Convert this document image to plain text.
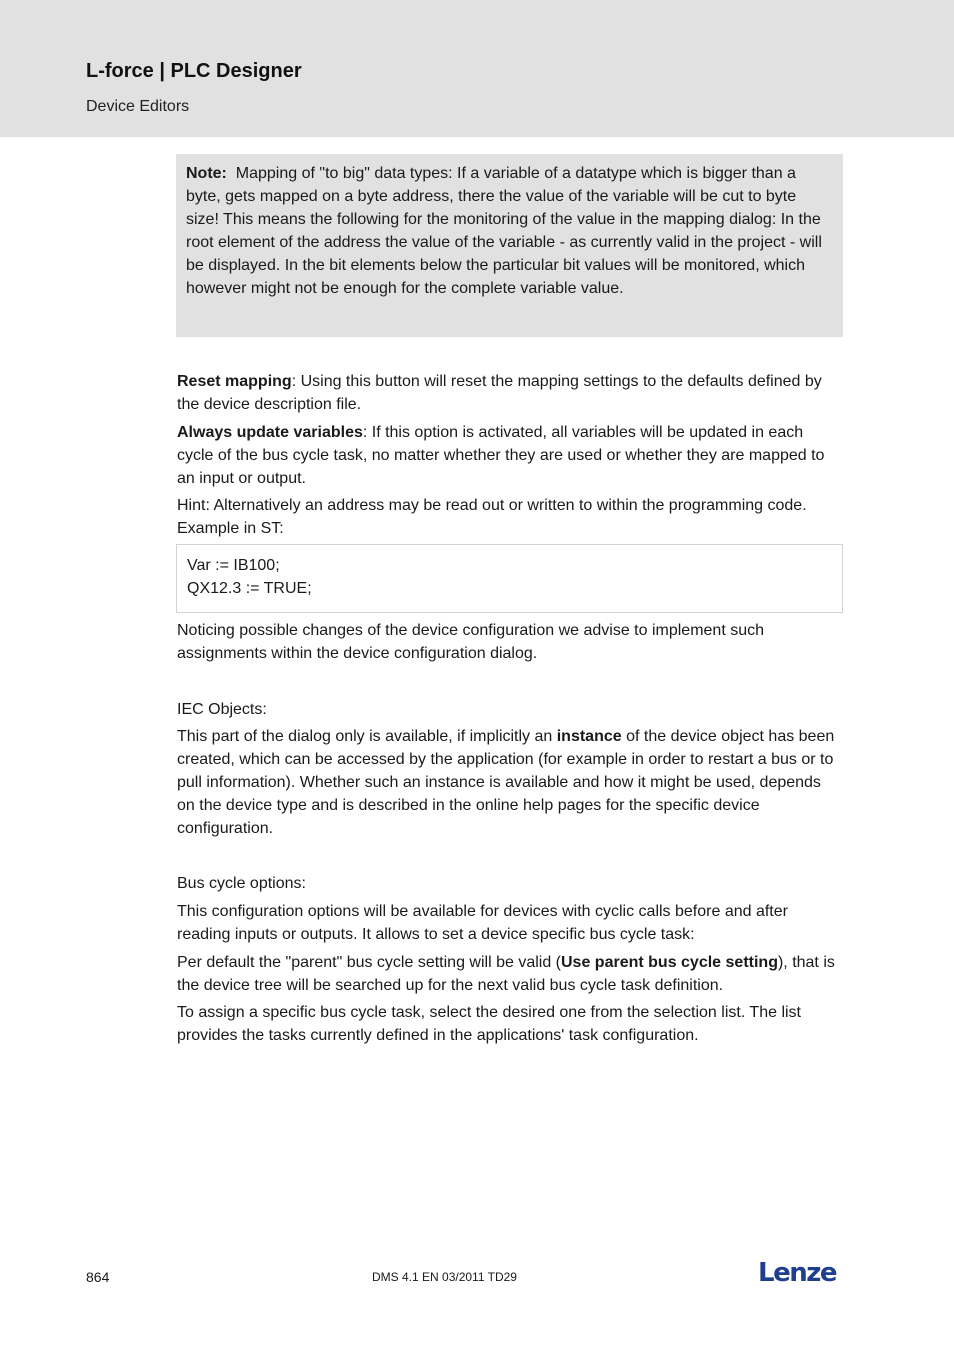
L-force | PLC Designer
Device Editors
Note: Mapping of "to big" data types: If a variable of a datatype which is bigger than a byte, gets mapped on a byte address, there the value of the variable will be cut to byte size! This means the following for the monitoring of the value in the mapping dialog: In the root element of the address the value of the variable - as currently valid in the project - will be displayed. In the bit elements below the particular bit values will be monitored, which however might not be enough for the complete variable value.
Reset mapping: Using this button will reset the mapping settings to the defaults defined by the device description file.
Always update variables: If this option is activated, all variables will be updated in each cycle of the bus cycle task, no matter whether they are used or whether they are mapped to an input or output.
Hint: Alternatively an address may be read out or written to within the programming code. Example in ST:
Var := IB100;
QX12.3 := TRUE;
Noticing possible changes of the device configuration we advise to implement such assignments within the device configuration dialog.
IEC Objects:
This part of the dialog only is available, if implicitly an instance of the device object has been created, which can be accessed by the application (for example in order to restart a bus or to pull information). Whether such an instance is available and how it might be used, depends on the device type and is described in the online help pages for the specific device configuration.
Bus cycle options:
This configuration options will be available for devices with cyclic calls before and after reading inputs or outputs. It allows to set a device specific bus cycle task:
Per default the "parent" bus cycle setting will be valid (Use parent bus cycle setting), that is the device tree will be searched up for the next valid bus cycle task definition.
To assign a specific bus cycle task, select the desired one from the selection list. The list provides the tasks currently defined in the applications' task configuration.
864	DMS 4.1 EN 03/2011 TD29	Lenze
